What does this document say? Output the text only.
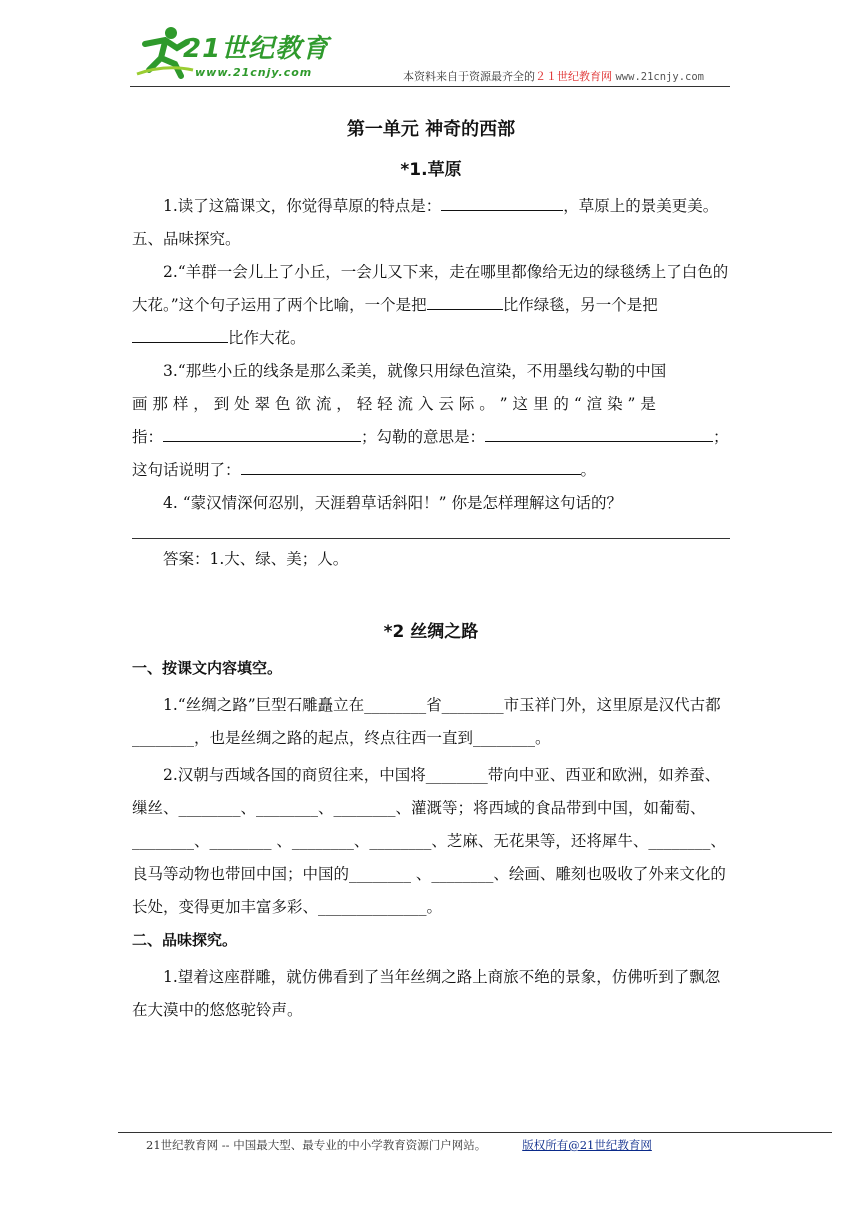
21世纪教育
www.21cnjy.com	本资料来自于资源最齐全的２１世纪教育网 www.21cnjy.com
第一单元 神奇的西部
*1.草原

1.读了这篇课文，你觉得草原的特点是：	，草原上的景美更美。

五、品味探究。

2.“羊群一会儿上了小丘，一会儿又下来，走在哪里都像给无边的绿毯绣上了白色的大花。”这个句子运用了两个比喻，一个是把	比作绿毯，另一个是把比作大花。

3.“那些小丘的线条是那么柔美，就像只用绿色渲染，不用墨线勾勒的中国

画 那 样 ， 到 处 翠 色 欲 流 ， 轻 轻 流 入 云 际 。 ” 这 里 的 “ 渲 染 ” 是

指：	；勾勒的意思是：	；

这句话说明了：	。

4. “蒙汉情深何忍别，天涯碧草话斜阳！” 你是怎样理解这句话的？

答案：1.大、绿、美；人。

*2 丝绸之路

一、按课文内容填空。

1.“丝绸之路”巨型石雕矗立在________省________市玉祥门外，这里原是汉代古都________，也是丝绸之路的起点，终点往西一直到________。

2.汉朝与西域各国的商贸往来，中国将________带向中亚、西亚和欧洲，如养蚕、缫丝、________、________、________、灌溉等；将西域的食品带到中国，如葡萄、________、________ 、________、________、芝麻、无花果等，还将犀牛、________、良马等动物也带回中国；中国的________ 、________、绘画、雕刻也吸收了外来文化的长处，变得更加丰富多彩、______________。

二、品味探究。

1.望着这座群雕，就仿佛看到了当年丝绸之路上商旅不绝的景象，仿佛听到了飘忽在大漠中的悠悠驼铃声。

21世纪教育网 -- 中国最大型、最专业的中小学教育资源门户网站。	版权所有@21世纪教育网
